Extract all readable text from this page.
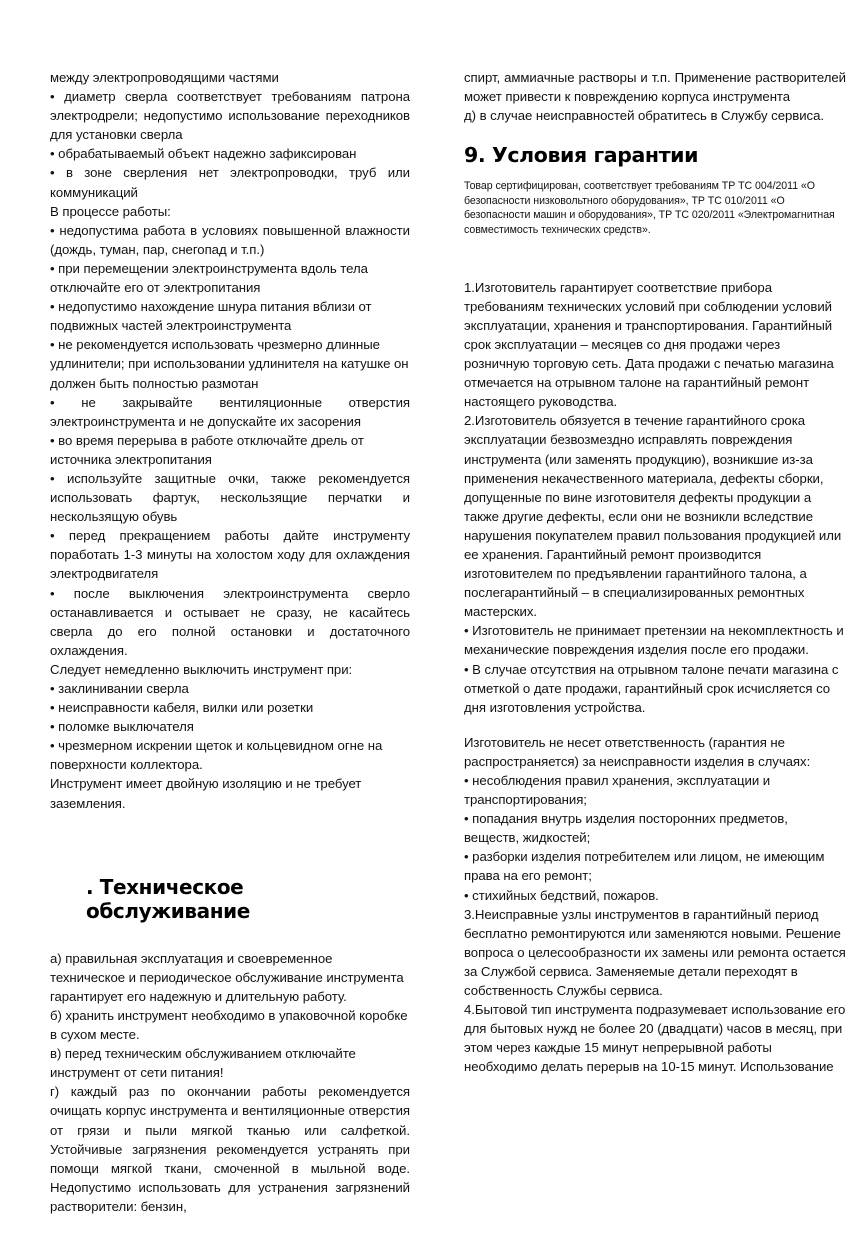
между электропроводящими частями

• диаметр сверла соответствует требованиям патрона электродрели; недопустимо использование переходников для установки сверла

• обрабатываемый объект надежно зафиксирован

• в зоне сверления нет электропроводки, труб или коммуникаций

В процессе работы:

• недопустима работа в условиях повышенной влажности (дождь, туман, пар, снегопад и т.п.)

• при перемещении электроинструмента вдоль тела отключайте его от электропитания

• недопустимо нахождение шнура питания вблизи от подвижных частей электроинструмента

• не рекомендуется использовать чрезмерно длинные удлинители; при использовании удлинителя на катушке он должен быть полностью размотан

• не закрывайте вентиляционные отверстия электроинструмента и не допускайте их засорения

• во время перерыва в работе отключайте дрель от источника электропитания

• используйте защитные очки, также рекомендуется использовать фартук, нескользящие перчатки и нескользящую обувь

• перед прекращением работы дайте инструменту поработать 1-3 минуты на холостом ходу для охлаждения электродвигателя

• после выключения электроинструмента сверло останавливается и остывает не сразу, не касайтесь сверла до его полной остановки и достаточного охлаждения.

Следует немедленно выключить инструмент при:

• заклинивании сверла

• неисправности кабеля, вилки или розетки

• поломке выключателя

• чрезмерном искрении щеток и кольцевидном огне на поверхности коллектора.

Инструмент имеет двойную изоляцию и не требует заземления.

. Техническое обслуживание

а) правильная эксплуатация и своевременное техническое и периодическое обслуживание инструмента гарантирует его надежную и длительную работу.

б) хранить инструмент необходимо в упаковочной коробке в сухом месте.

в) перед техническим обслуживанием отключайте инструмент от сети питания!

г) каждый раз по окончании работы рекомендуется очищать корпус инструмента и вентиляционные отверстия от грязи и пыли мягкой тканью или салфеткой. Устойчивые загрязнения рекомендуется устранять при помощи мягкой ткани, смоченной в мыльной воде. Недопустимо использовать для устранения загрязнений растворители: бензин,

спирт, аммиачные растворы и т.п. Применение растворителей может привести к повреждению корпуса инструмента

д) в случае неисправностей обратитесь в Службу сервиса.

9. Условия гарантии

Товар сертифицирован, соответствует требованиям ТР ТС 004/2011 «О безопасности низковольтного оборудования», ТР ТС 010/2011 «О безопасности машин и оборудования», ТР ТС 020/2011 «Электромагнитная совместимость технических средств».

1.Изготовитель гарантирует соответствие прибора требованиям технических условий при соблюдении условий эксплуатации, хранения и транспортирования. Гарантийный срок эксплуатации – месяцев со дня продажи через розничную торговую сеть. Дата продажи с печатью магазина отмечается на отрывном талоне на гарантийный ремонт настоящего руководства.

2.Изготовитель обязуется в течение гарантийного срока эксплуатации безвозмездно исправлять повреждения инструмента (или заменять продукцию), возникшие из-за применения некачественного материала, дефекты сборки, допущенные по вине изготовителя дефекты продукции а также другие дефекты, если они не возникли вследствие нарушения покупателем правил пользования продукцией или ее хранения. Гарантийный ремонт производится изготовителем по предъявлении гарантийного талона, а послегарантийный – в специализированных ремонтных мастерских.

• Изготовитель не принимает претензии на некомплектность и механические повреждения изделия после его продажи.

• В случае отсутствия на отрывном талоне печати магазина с отметкой о дате продажи, гарантийный срок исчисляется со дня изготовления устройства.

Изготовитель не несет ответственность (гарантия не распространяется) за неисправности изделия в случаях:

• несоблюдения правил хранения, эксплуатации и транспортирования;

• попадания внутрь изделия посторонних предметов, веществ, жидкостей;

• разборки изделия потребителем или лицом, не имеющим права на его ремонт;

• стихийных бедствий, пожаров.

3.Неисправные узлы инструментов в гарантийный период бесплатно ремонтируются или заменяются новыми. Решение вопроса о целесообразности их замены или ремонта остается за Службой сервиса. Заменяемые детали переходят в собственность Службы сервиса.

4.Бытовой тип инструмента подразумевает использование его для бытовых нужд не более 20 (двадцати) часов в месяц, при этом через каждые 15 минут непрерывной работы необходимо делать перерыв на 10-15 минут. Использование
